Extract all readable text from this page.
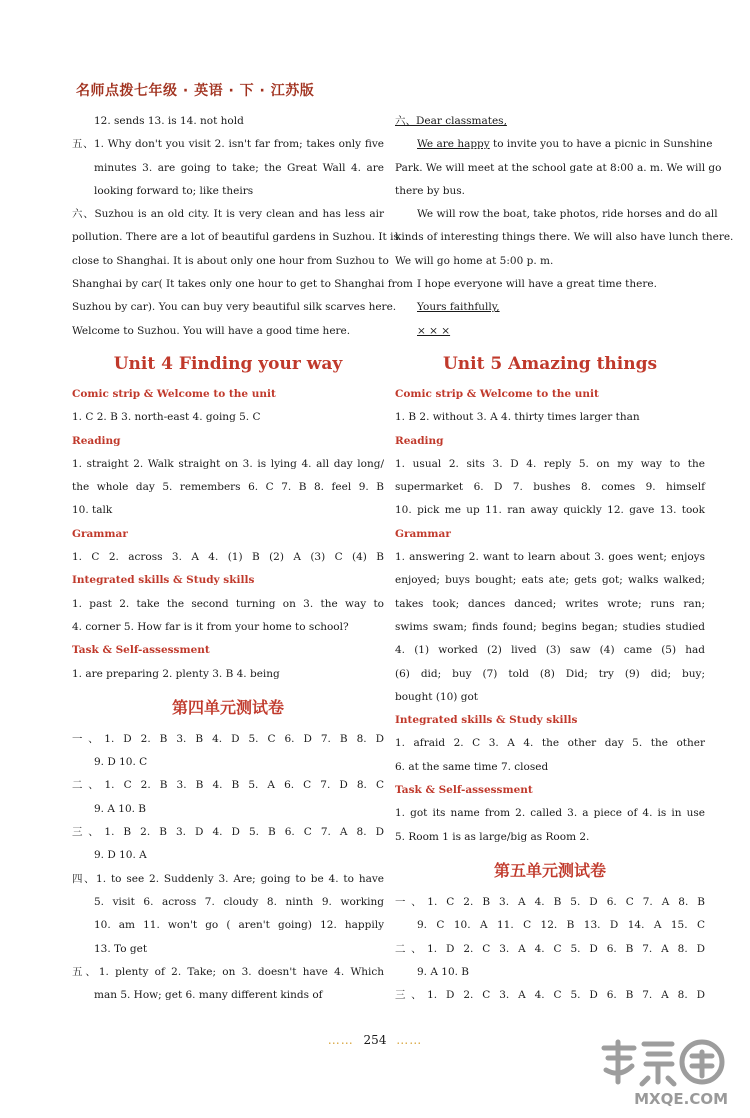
名师点拨七年级 · 英语 · 下 · 江苏版
12. sends 13. is 14. not hold
五、1. Why don't you visit 2. isn't far from; takes only five
minutes 3. are going to take; the Great Wall 4. are
looking forward to; like theirs
六、Suzhou is an old city. It is very clean and has less air
pollution. There are a lot of beautiful gardens in Suzhou. It is
close to Shanghai. It is about only one hour from Suzhou to
Shanghai by car( It takes only one hour to get to Shanghai from
Suzhou by car). You can buy very beautiful silk scarves here.
Welcome to Suzhou. You will have a good time here.
Unit 4 Finding your way
Comic strip & Welcome to the unit
1. C 2. B 3. north-east 4. going 5. C
Reading
1. straight 2. Walk straight on 3. is lying 4. all day long/
the whole day 5. remembers 6. C 7. B 8. feel 9. B
10. talk
Grammar
1. C 2. across 3. A 4. (1) B (2) A (3) C (4) B
Integrated skills & Study skills
1. past 2. take the second turning on 3. the way to
4. corner 5. How far is it from your home to school?
Task & Self-assessment
1. are preparing 2. plenty 3. B 4. being
第四单元测试卷
一、1. D 2. B 3. B 4. D 5. C 6. D 7. B 8. D
9. D 10. C
二、1. C 2. B 3. B 4. B 5. A 6. C 7. D 8. C
9. A 10. B
三、1. B 2. B 3. D 4. D 5. B 6. C 7. A 8. D
9. D 10. A
四、1. to see 2. Suddenly 3. Are; going to be 4. to have
5. visit 6. across 7. cloudy 8. ninth 9. working
10. am 11. won't go ( aren't going) 12. happily
13. To get
五、1. plenty of 2. Take; on 3. doesn't have 4. Which
man 5. How; get 6. many different kinds of
六、Dear classmates,
We are happy to invite you to have a picnic in Sunshine
Park. We will meet at the school gate at 8:00 a. m. We will go
there by bus.
We will row the boat, take photos, ride horses and do all
kinds of interesting things there. We will also have lunch there.
We will go home at 5:00 p. m.
I hope everyone will have a great time there.
Yours faithfully,
× × ×
Unit 5 Amazing things
Comic strip & Welcome to the unit
1. B 2. without 3. A 4. thirty times larger than
Reading
1. usual 2. sits 3. D 4. reply 5. on my way to the
supermarket 6. D 7. bushes 8. comes 9. himself
10. pick me up 11. ran away quickly 12. gave 13. took
Grammar
1. answering 2. want to learn about 3. goes went; enjoys
enjoyed; buys bought; eats ate; gets got; walks walked;
takes took; dances danced; writes wrote; runs ran;
swims swam; finds found; begins began; studies studied
4. (1) worked (2) lived (3) saw (4) came (5) had
(6) did; buy (7) told (8) Did; try (9) did; buy;
bought (10) got
Integrated skills & Study skills
1. afraid 2. C 3. A 4. the other day 5. the other
6. at the same time 7. closed
Task & Self-assessment
1. got its name from 2. called 3. a piece of 4. is in use
5. Room 1 is as large/big as Room 2.
第五单元测试卷
一、1. C 2. B 3. A 4. B 5. D 6. C 7. A 8. B
9. C 10. A 11. C 12. B 13. D 14. A 15. C
二、1. D 2. C 3. A 4. C 5. D 6. B 7. A 8. D
9. A 10. B
三、1. D 2. C 3. A 4. C 5. D 6. B 7. A 8. D
…… 254 ……
MXQE.COM
